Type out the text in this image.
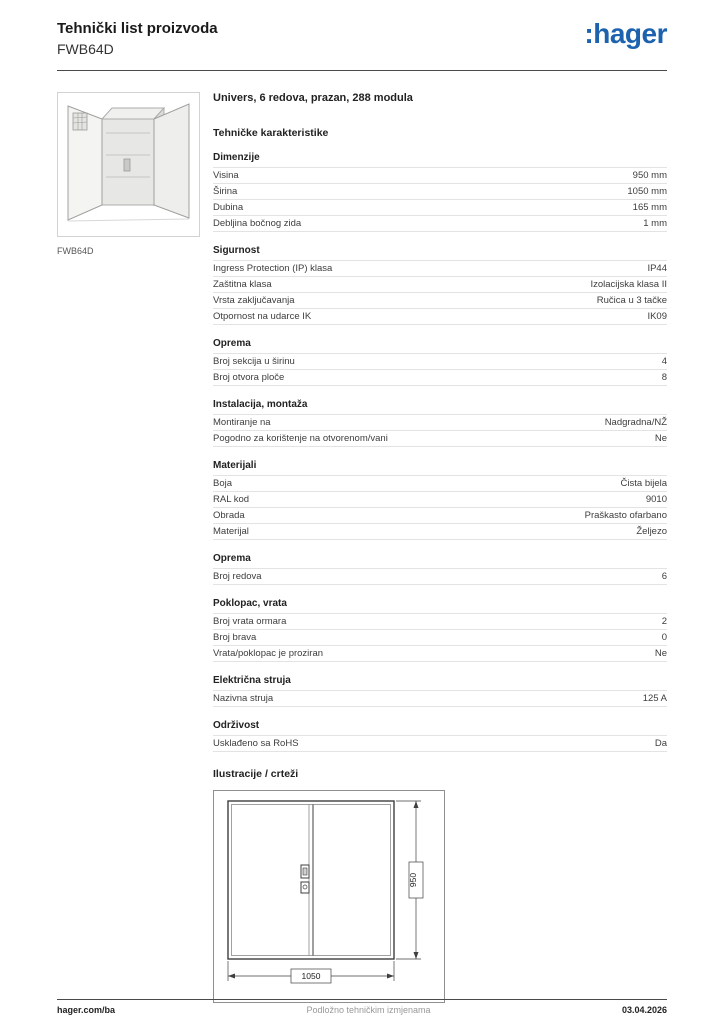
Tehnički list proizvoda
FWB64D	:hager
FWB64D
Univers, 6 redova, prazan, 288 modula
Tehničke karakteristike
Dimenzije
Visina	950 mm
Širina	1050 mm
Dubina	165 mm
Debljina bočnog zida	1 mm
Sigurnost
Ingress Protection (IP) klasa	IP44
Zaštitna klasa	Izolacijska klasa II
Vrsta zaključavanja	Ručica u 3 tačke
Otpornost na udarce IK	IK09
Oprema
Broj sekcija u širinu	4
Broj otvora ploče	8
Instalacija, montaža
Montiranje na	Nadgradna/NŽ
Pogodno za korištenje na otvorenom/vani	Ne
Materijali
Boja	Čista bijela
RAL kod	9010
Obrada	Praškasto ofarbano
Materijal	Željezo
Oprema
Broj redova	6
Poklopac, vrata
Broj vrata ormara	2
Broj brava	0
Vrata/poklopac je proziran	Ne
Električna struja
Nazivna struja	125 A
Održivost
Usklađeno sa RoHS	Da
Ilustracije / crteži
1050
950
hager.com/ba	Podložno tehničkim izmjenama	03.04.2026
